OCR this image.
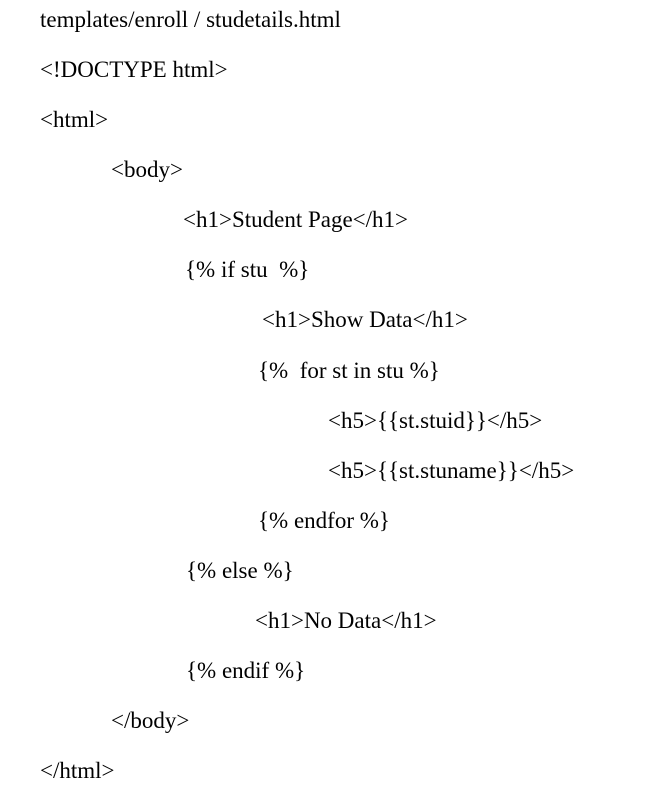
templates/enroll / studetails.html
<!DOCTYPE html>
<html>
<body>
<h1>Student Page</h1>
{% if stu  %}
<h1>Show Data</h1>
{%  for st in stu %}
<h5>{{st.stuid}}</h5>
<h5>{{st.stuname}}</h5>
{% endfor %}
{% else %}
<h1>No Data</h1>
{% endif %}
</body>
</html>
